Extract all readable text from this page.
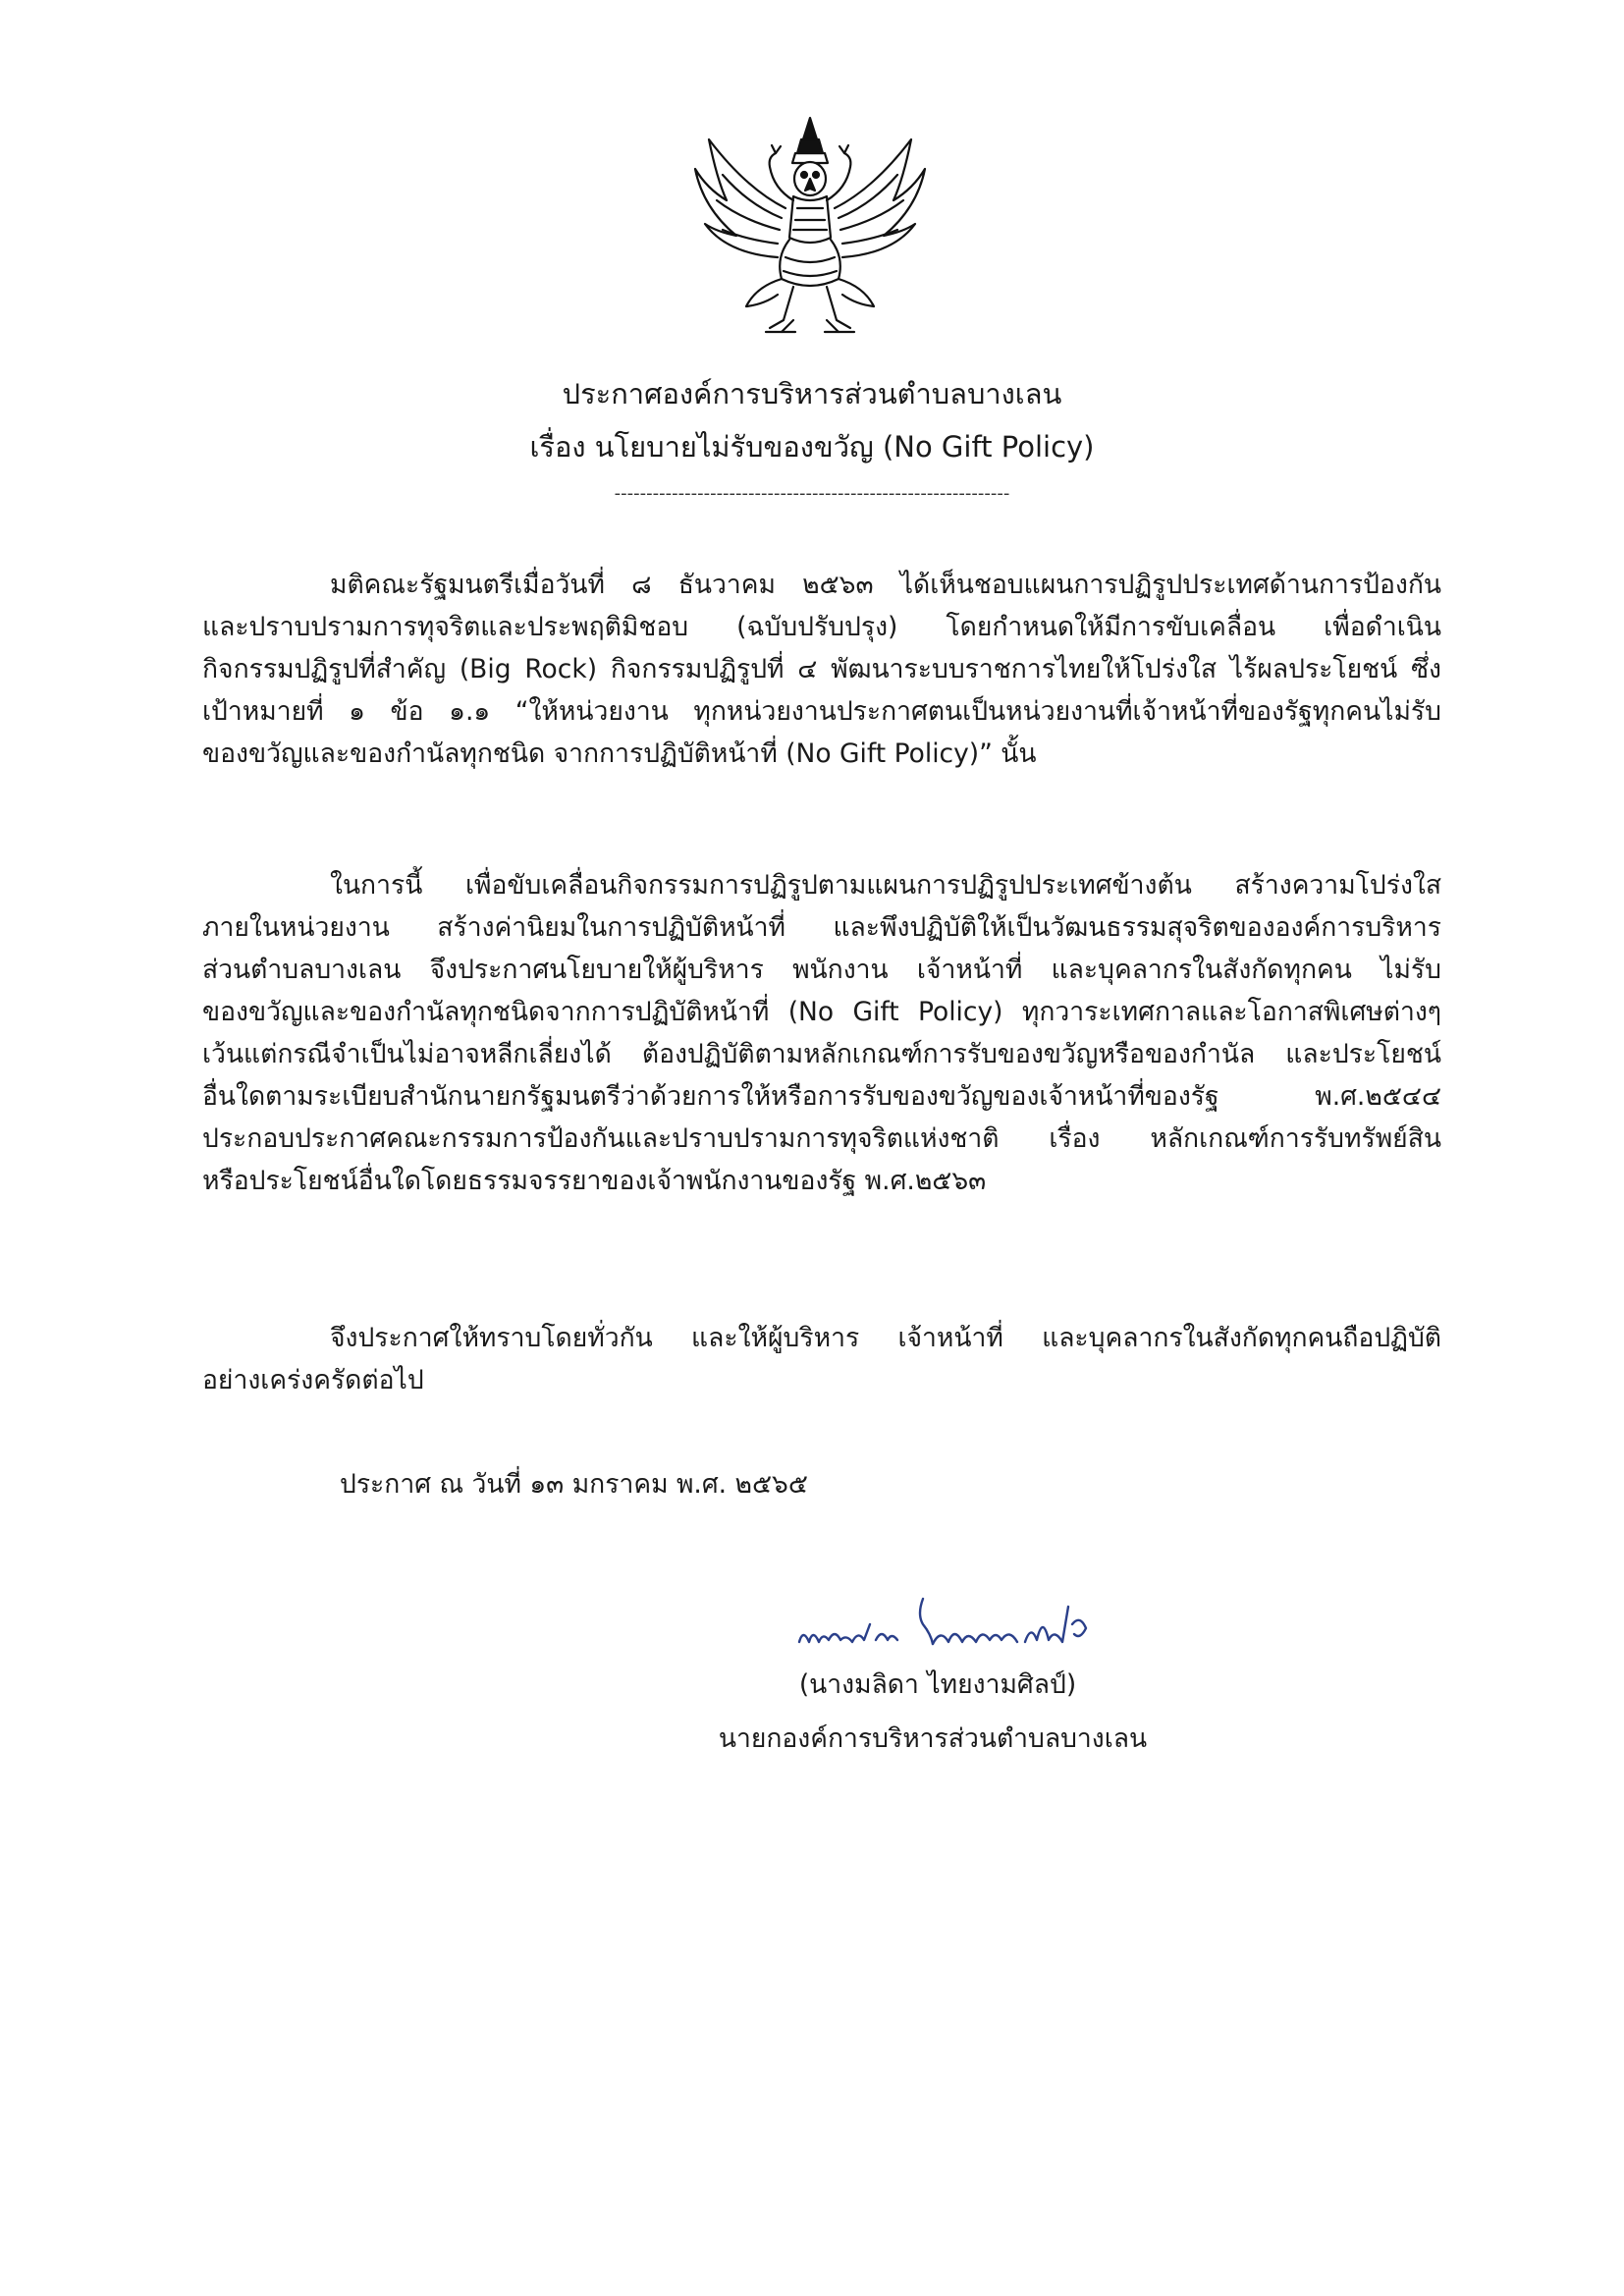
ประกาศองค์การบริหารส่วนตำบลบางเลน
เรื่อง นโยบายไม่รับของขวัญ (No Gift Policy)
--------------------------------------------------------------
มติคณะรัฐมนตรีเมื่อวันที่ ๘ ธันวาคม ๒๕๖๓ ได้เห็นชอบแผนการปฏิรูปประเทศด้านการป้องกัน
และปราบปรามการทุจริตและประพฤติมิชอบ (ฉบับปรับปรุง) โดยกำหนดให้มีการขับเคลื่อน เพื่อดำเนิน
กิจกรรมปฏิรูปที่สำคัญ (Big Rock) กิจกรรมปฏิรูปที่ ๔ พัฒนาระบบราชการไทยให้โปร่งใส ไร้ผลประโยชน์ ซึ่ง
เป้าหมายที่ ๑ ข้อ ๑.๑ “ให้หน่วยงาน ทุกหน่วยงานประกาศตนเป็นหน่วยงานที่เจ้าหน้าที่ของรัฐทุกคนไม่รับ
ของขวัญและของกำนัลทุกชนิด จากการปฏิบัติหน้าที่ (No Gift Policy)” นั้น
ในการนี้ เพื่อขับเคลื่อนกิจกรรมการปฏิรูปตามแผนการปฏิรูปประเทศข้างต้น สร้างความโปร่งใส
ภายในหน่วยงาน สร้างค่านิยมในการปฏิบัติหน้าที่ และพึงปฏิบัติให้เป็นวัฒนธรรมสุจริตขององค์การบริหาร
ส่วนตำบลบางเลน จึงประกาศนโยบายให้ผู้บริหาร พนักงาน เจ้าหน้าที่ และบุคลากรในสังกัดทุกคน ไม่รับ
ของขวัญและของกำนัลทุกชนิดจากการปฏิบัติหน้าที่ (No Gift Policy) ทุกวาระเทศกาลและโอกาสพิเศษต่างๆ
เว้นแต่กรณีจำเป็นไม่อาจหลีกเลี่ยงได้ ต้องปฏิบัติตามหลักเกณฑ์การรับของขวัญหรือของกำนัล และประโยชน์
อื่นใดตามระเบียบสำนักนายกรัฐมนตรีว่าด้วยการให้หรือการรับของขวัญของเจ้าหน้าที่ของรัฐ พ.ศ.๒๕๔๔
ประกอบประกาศคณะกรรมการป้องกันและปราบปรามการทุจริตแห่งชาติ เรื่อง หลักเกณฑ์การรับทรัพย์สิน
หรือประโยชน์อื่นใดโดยธรรมจรรยาของเจ้าพนักงานของรัฐ พ.ศ.๒๕๖๓
จึงประกาศให้ทราบโดยทั่วกัน และให้ผู้บริหาร เจ้าหน้าที่ และบุคลากรในสังกัดทุกคนถือปฏิบัติ
อย่างเคร่งครัดต่อไป
ประกาศ ณ วันที่ ๑๓ มกราคม พ.ศ. ๒๕๖๕
(นางมลิดา ไทยงามศิลป์)
นายกองค์การบริหารส่วนตำบลบางเลน
